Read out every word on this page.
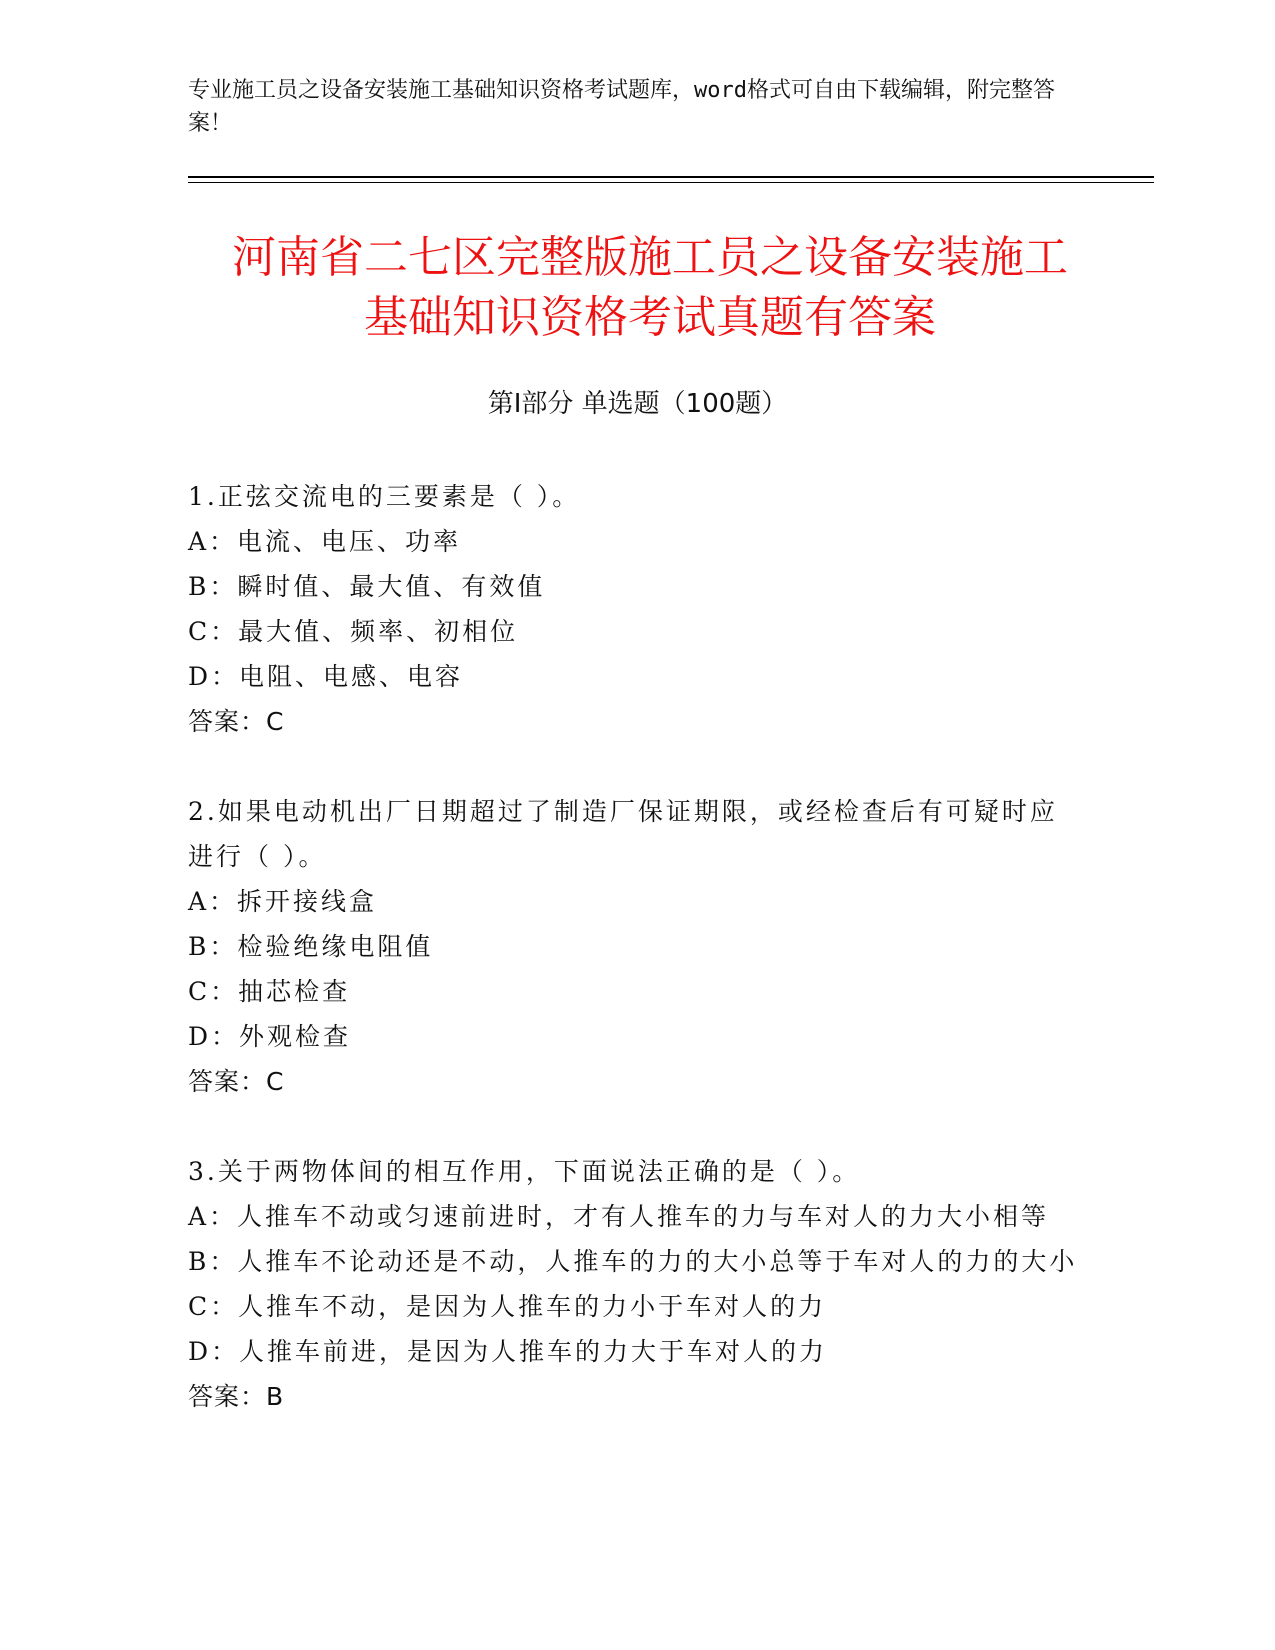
专业施工员之设备安装施工基础知识资格考试题库，word格式可自由下载编辑，附完整答案！
河南省二七区完整版施工员之设备安装施工
基础知识资格考试真题有答案
第Ⅰ部分 单选题（100题）
1.正弦交流电的三要素是（ ）。
A：电流、电压、功率
B：瞬时值、最大值、有效值
C：最大值、频率、初相位
D：电阻、电感、电容
答案：C
2.如果电动机出厂日期超过了制造厂保证期限，或经检查后有可疑时应进行（ ）。
A：拆开接线盒
B：检验绝缘电阻值
C：抽芯检查
D：外观检查
答案：C
3.关于两物体间的相互作用，下面说法正确的是（ ）。
A：人推车不动或匀速前进时，才有人推车的力与车对人的力大小相等
B：人推车不论动还是不动，人推车的力的大小总等于车对人的力的大小
C：人推车不动，是因为人推车的力小于车对人的力
D：人推车前进，是因为人推车的力大于车对人的力
答案：B
